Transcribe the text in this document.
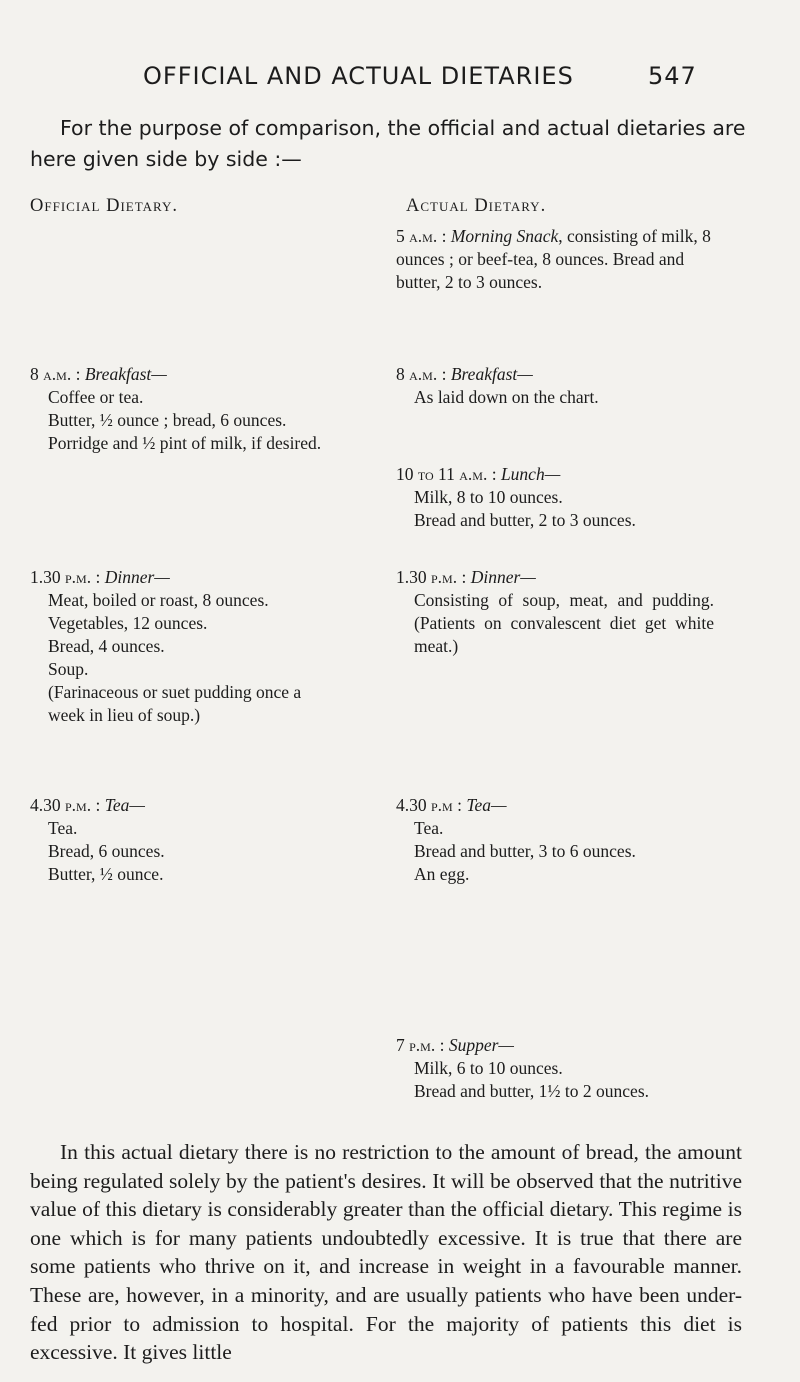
OFFICIAL AND ACTUAL DIETARIES	547

For the purpose of comparison, the official and actual dietaries are here given side by side :—

Official Dietary.	Actual Dietary.
8 a.m. : Breakfast—
Coffee or tea.
Butter, ½ ounce ; bread, 6 ounces.
Porridge and ½ pint of milk, if desired.
1.30 p.m. : Dinner—
Meat, boiled or roast, 8 ounces.
Vegetables, 12 ounces.
Bread, 4 ounces.
Soup.
(Farinaceous or suet pudding once a week in lieu of soup.)
4.30 p.m. : Tea—
Tea.
Bread, 6 ounces.
Butter, ½ ounce.
5 a.m. : Morning Snack, consisting of milk, 8 ounces ; or beef-tea, 8 ounces. Bread and butter, 2 to 3 ounces.
8 a.m. : Breakfast—
As laid down on the chart.
10 to 11 a.m. : Lunch—
Milk, 8 to 10 ounces.
Bread and butter, 2 to 3 ounces.
1.30 p.m. : Dinner—
Consisting of soup, meat, and pudding. (Patients on convalescent diet get white meat.)
4.30 p.m : Tea—
Tea.
Bread and butter, 3 to 6 ounces.
An egg.
7 p.m. : Supper—
Milk, 6 to 10 ounces.
Bread and butter, 1½ to 2 ounces.

In this actual dietary there is no restriction to the amount of bread, the amount being regulated solely by the patient's desires. It will be observed that the nutritive value of this dietary is considerably greater than the official dietary. This regime is one which is for many patients undoubtedly excessive. It is true that there are some patients who thrive on it, and increase in weight in a favourable manner. These are, however, in a minority, and are usually patients who have been under-fed prior to admission to hospital. For the majority of patients this diet is excessive. It gives little
